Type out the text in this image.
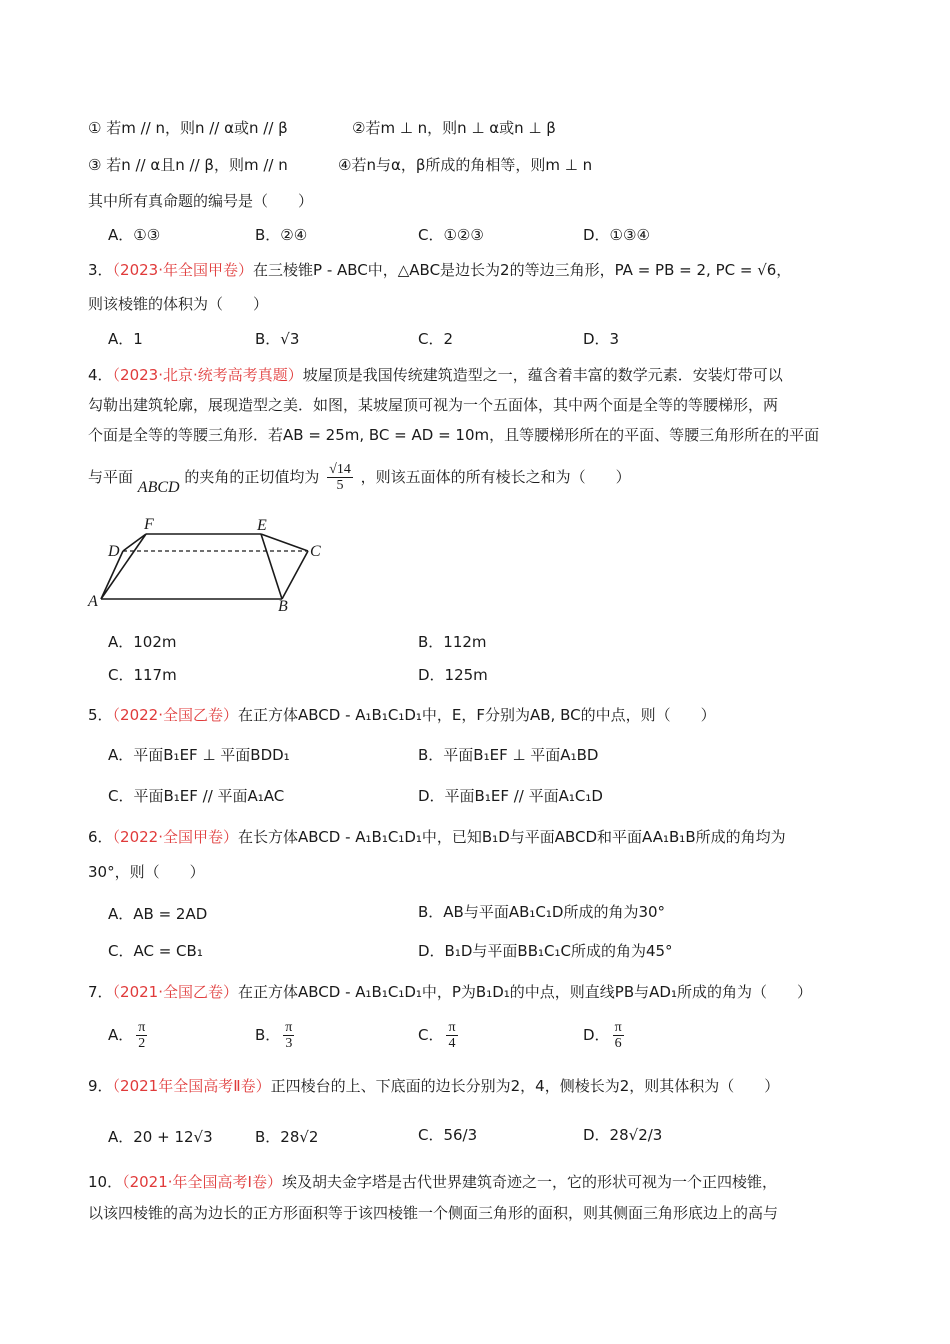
① 若m // n，则n // α或n // β	②若m ⊥ n，则n ⊥ α或n ⊥ β
③ 若n // α且n // β，则m // n	④若n与α，β所成的角相等，则m ⊥ n
其中所有真命题的编号是（　　）
A．①③	B．②④	C．①②③	D．①③④
3．（2023·年全国甲卷）在三棱锥P - ABC中，△ABC是边长为2的等边三角形，PA = PB = 2, PC = √6，
则该棱锥的体积为（　　）
A．1	B．√3	C．2	D．3
4．（2023·北京·统考高考真题）坡屋顶是我国传统建筑造型之一，蕴含着丰富的数学元素．安装灯带可以
勾勒出建筑轮廓，展现造型之美．如图，某坡屋顶可视为一个五面体，其中两个面是全等的等腰梯形，两
个面是全等的等腰三角形．若AB = 25m, BC = AD = 10m，且等腰梯形所在的平面、等腰三角形所在的平面
与平面 ABCD 的夹角的正切值均为 $\frac{√14}{5}$ ，则该五面体的所有棱长之和为（　　）
F	E
D	C
A	B
A．102m	B．112m
C．117m	D．125m
5．（2022·全国乙卷）在正方体ABCD - A₁B₁C₁D₁中，E，F分别为AB, BC的中点，则（　　）
A．平面B₁EF ⊥ 平面BDD₁	B．平面B₁EF ⊥ 平面A₁BD
C．平面B₁EF // 平面A₁AC	D．平面B₁EF // 平面A₁C₁D
6．（2022·全国甲卷）在长方体ABCD - A₁B₁C₁D₁中，已知B₁D与平面ABCD和平面AA₁B₁B所成的角均为
30°，则（　　）
A．AB = 2AD	B．AB与平面AB₁C₁D所成的角为30°
C．AC = CB₁	D．B₁D与平面BB₁C₁C所成的角为45°
7．（2021·全国乙卷）在正方体ABCD - A₁B₁C₁D₁中，P为B₁D₁的中点，则直线PB与AD₁所成的角为（　　）
A． $\frac{\pi}{2}$	B． $\frac{\pi}{3}$	C． $\frac{\pi}{4}$	D． $\frac{\pi}{6}$
9．（2021年全国高考Ⅱ卷）正四棱台的上、下底面的边长分别为2，4，侧棱长为2，则其体积为（　　）
A．20 + 12√3	B．28√2	C．56/3	D．28√2/3
10．（2021·年全国高考Ⅰ卷）埃及胡夫金字塔是古代世界建筑奇迹之一，它的形状可视为一个正四棱锥，
以该四棱锥的高为边长的正方形面积等于该四棱锥一个侧面三角形的面积，则其侧面三角形底边上的高与
